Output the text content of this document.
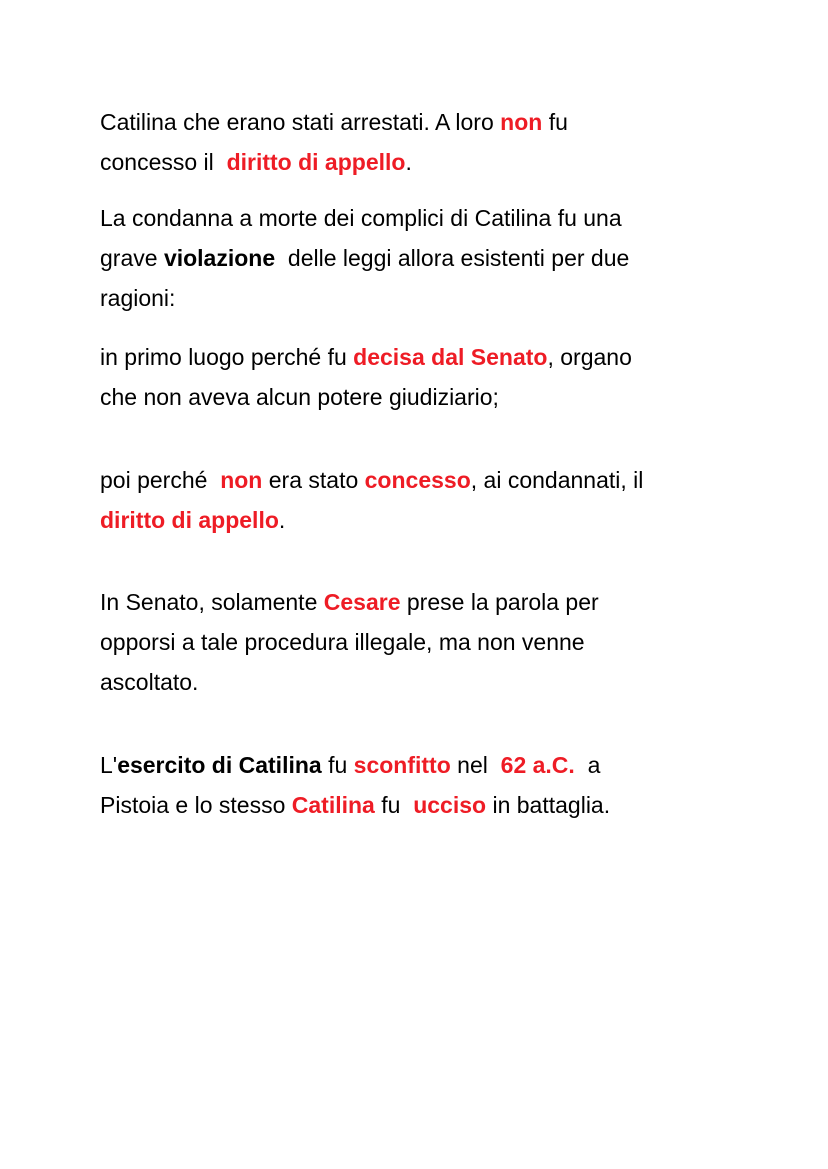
Catilina che erano stati arrestati. A loro non fu
concesso il  diritto di appello.
La condanna a morte dei complici di Catilina fu una
grave violazione  delle leggi allora esistenti per due
ragioni:
in primo luogo perché fu decisa dal Senato, organo
che non aveva alcun potere giudiziario;
poi perché  non era stato concesso, ai condannati, il
diritto di appello.
In Senato, solamente Cesare prese la parola per
opporsi a tale procedura illegale, ma non venne
ascoltato.
L'esercito di Catilina fu sconfitto nel  62 a.C.  a
Pistoia e lo stesso Catilina fu  ucciso in battaglia.
